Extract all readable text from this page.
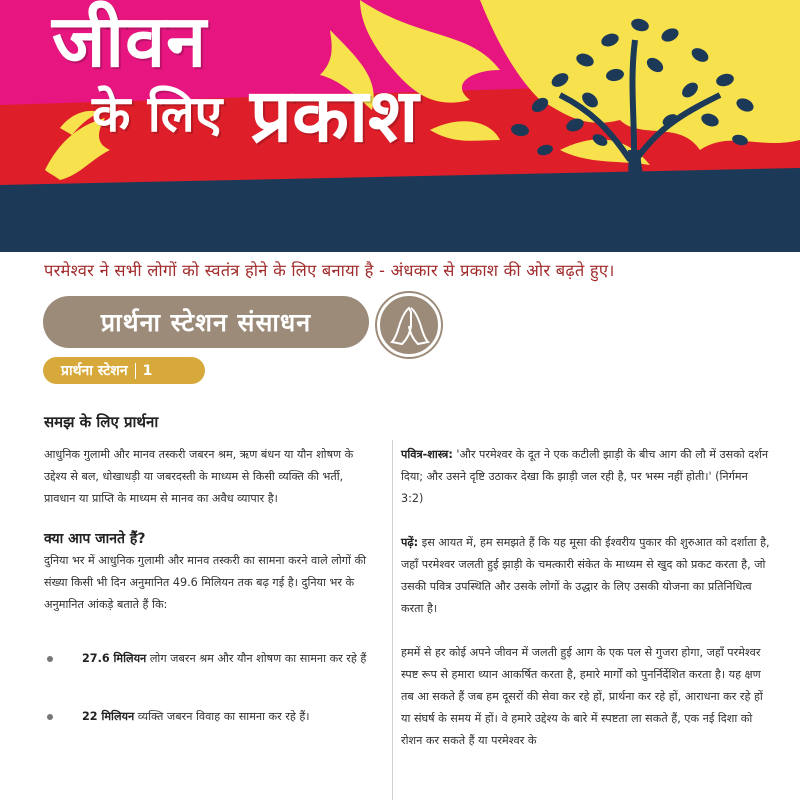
जीवन
के लिए प्रकाश
परमेश्वर ने सभी लोगों को स्वतंत्र होने के लिए बनाया है - अंधकार से प्रकाश की ओर बढ़ते हुए।
प्रार्थना स्टेशन संसाधन
प्रार्थना स्टेशन 1
समझ के लिए प्रार्थना

आधुनिक गुलामी और मानव तस्करी जबरन श्रम, ऋण बंधन या यौन शोषण के उद्देश्य से बल, धोखाधड़ी या जबरदस्ती के माध्यम से किसी व्यक्ति की भर्ती, प्रावधान या प्राप्ति के माध्यम से मानव का अवैध व्यापार है।

क्या आप जानते हैं?

दुनिया भर में आधुनिक गुलामी और मानव तस्करी का सामना करने वाले लोगों की संख्या किसी भी दिन अनुमानित 49.6 मिलियन तक बढ़ गई है। दुनिया भर के अनुमानित आंकड़े बताते हैं कि:

27.6 मिलियन लोग जबरन श्रम और यौन शोषण का सामना कर रहे हैं

22 मिलियन व्यक्ति जबरन विवाह का सामना कर रहे हैं।

पवित्र-शास्त्र: 'और परमेश्वर के दूत ने एक कटीली झाड़ी के बीच आग की लौ में उसको दर्शन दिया; और उसने दृष्टि उठाकर देखा कि झाड़ी जल रही है, पर भस्म नहीं होती।' (निर्गमन 3:2)

पढ़ें: इस आयत में, हम समझते हैं कि यह मूसा की ईश्वरीय पुकार की शुरुआत को दर्शाता है, जहाँ परमेश्वर जलती हुई झाड़ी के चमत्कारी संकेत के माध्यम से खुद को प्रकट करता है, जो उसकी पवित्र उपस्थिति और उसके लोगों के उद्धार के लिए उसकी योजना का प्रतिनिधित्व करता है।

हममें से हर कोई अपने जीवन में जलती हुई आग के एक पल से गुजरा होगा, जहाँ परमेश्वर स्पष्ट रूप से हमारा ध्यान आकर्षित करता है, हमारे मार्गों को पुनर्निर्देशित करता है। यह क्षण तब आ सकते हैं जब हम दूसरों की सेवा कर रहे हों, प्रार्थना कर रहे हों, आराधना कर रहे हों या संघर्ष के समय में हों। वे हमारे उद्देश्य के बारे में स्पष्टता ला सकते हैं, एक नई दिशा को रोशन कर सकते हैं या परमेश्वर के
